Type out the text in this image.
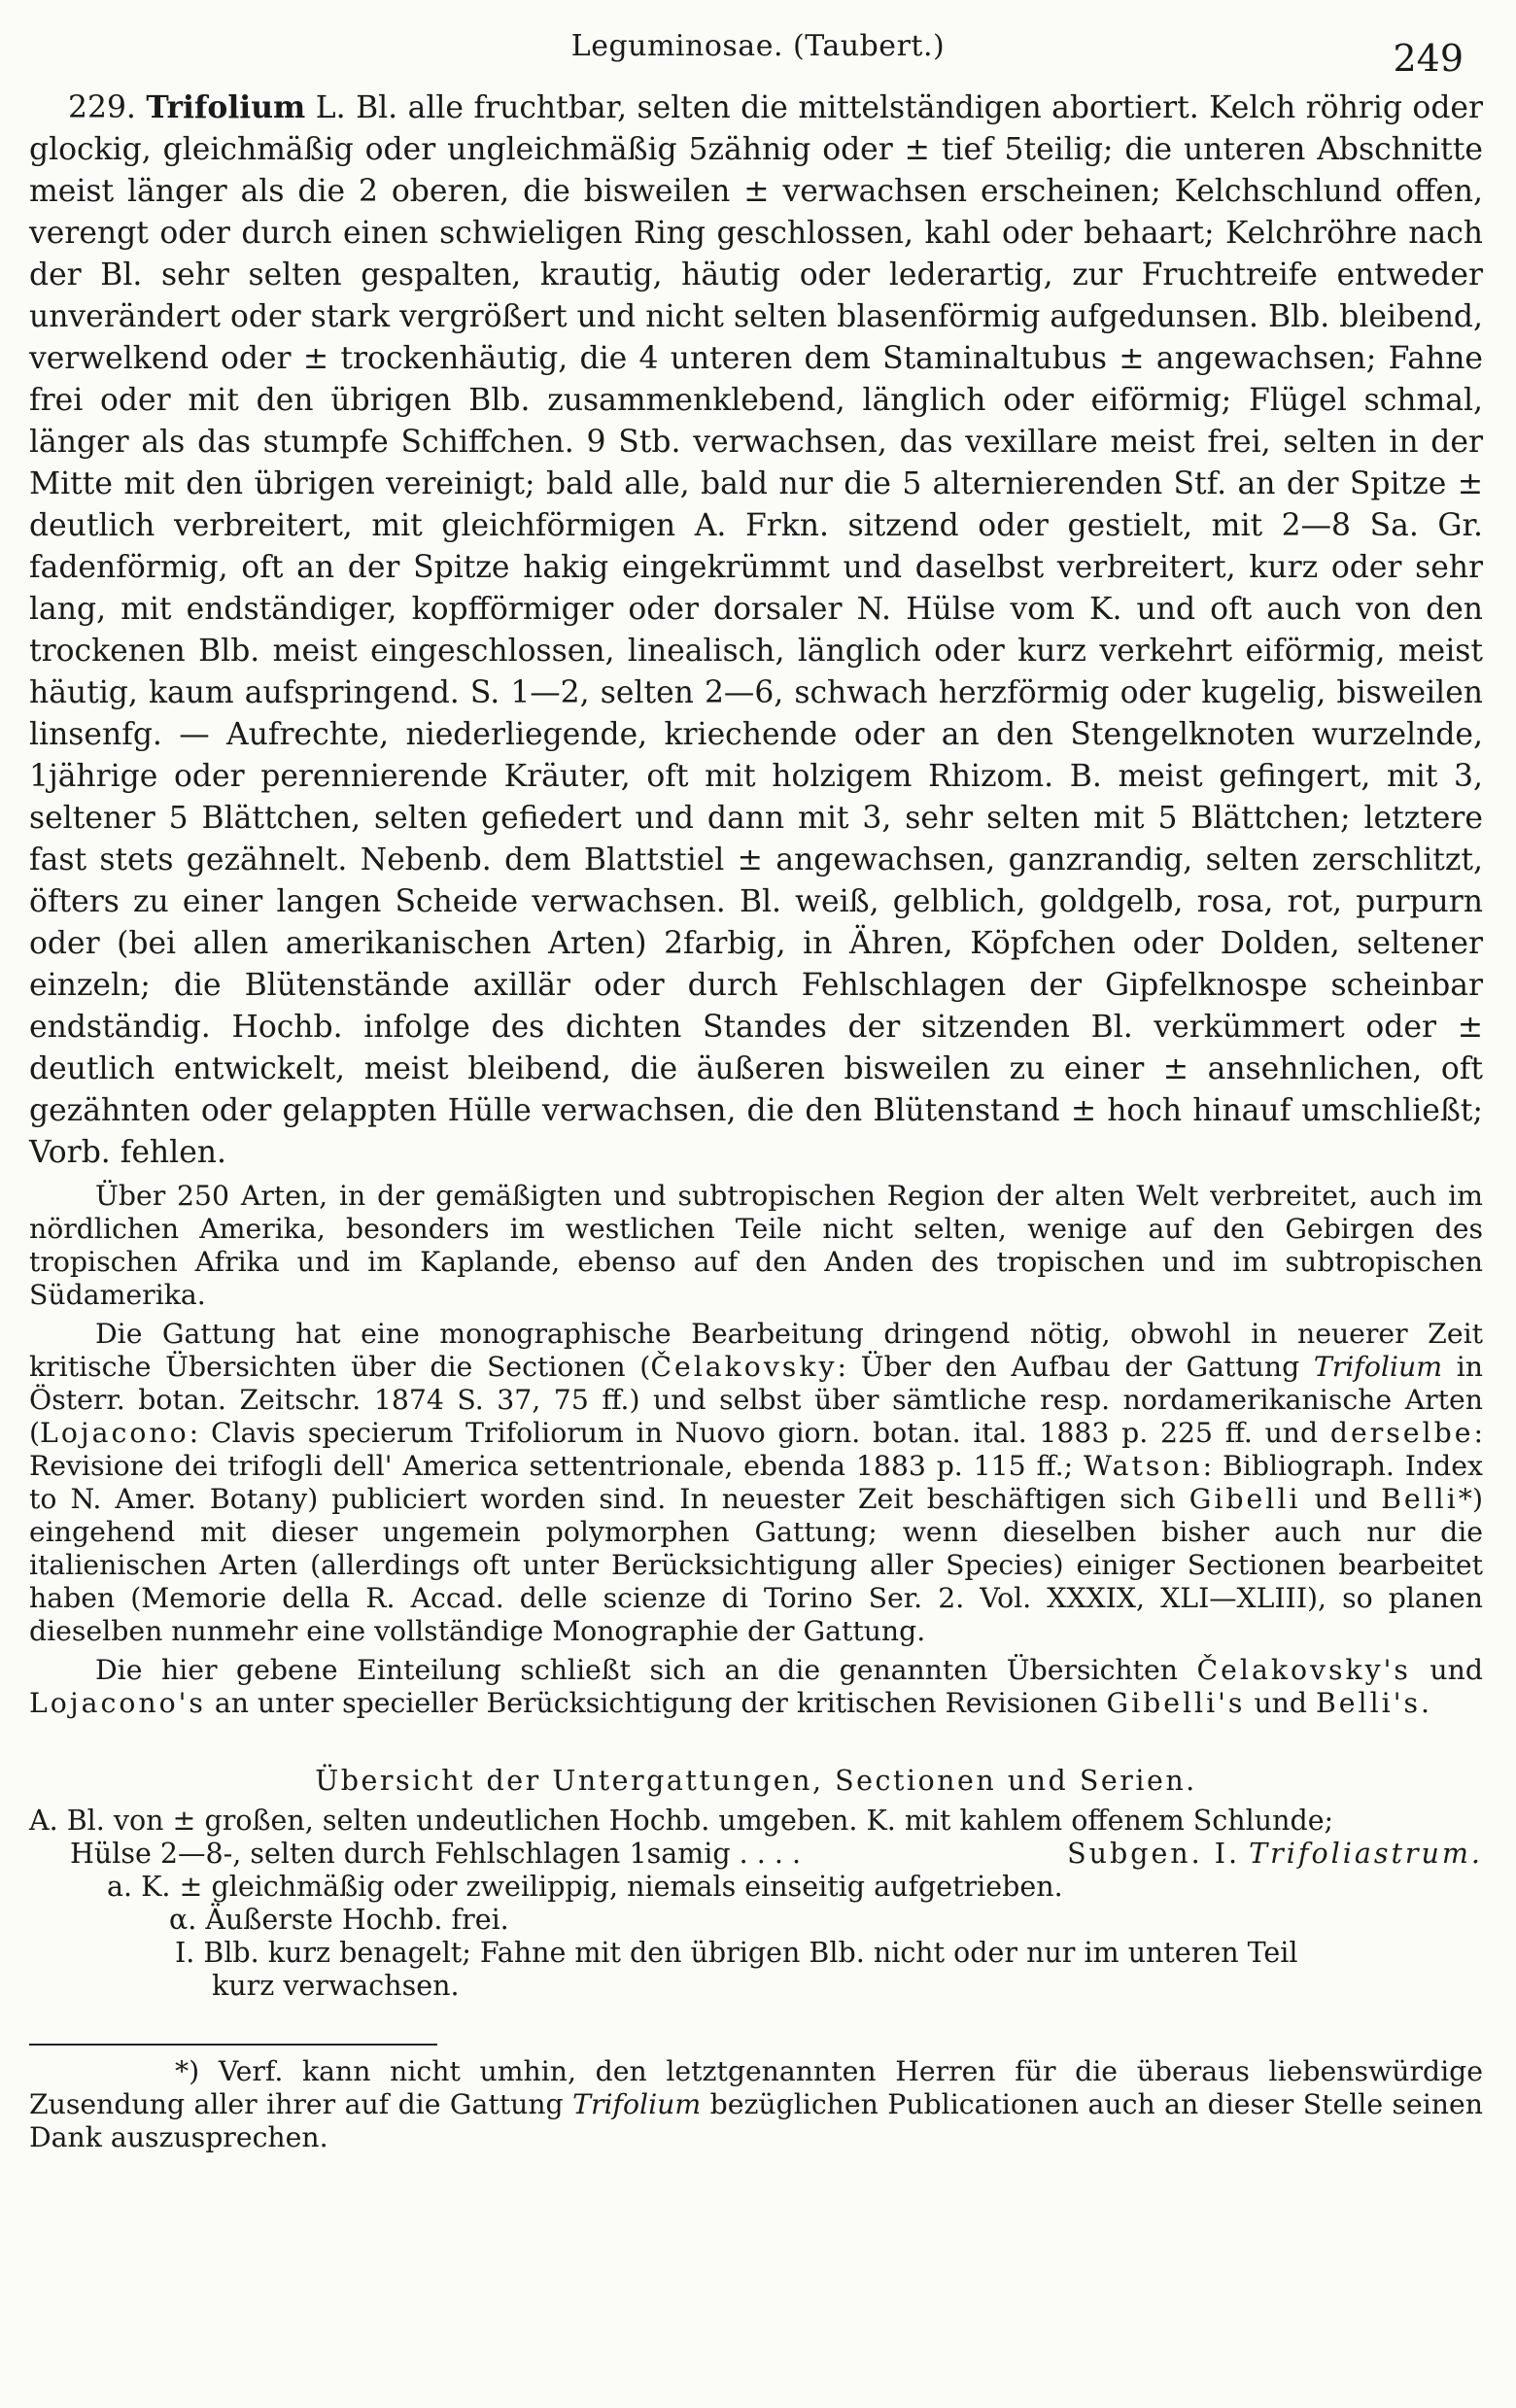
Leguminosae. (Taubert.)	249

229. Trifolium L. Bl. alle fruchtbar, selten die mittelständigen abortiert. Kelch röhrig oder glockig, gleichmäßig oder ungleichmäßig 5zähnig oder ± tief 5teilig; die unteren Abschnitte meist länger als die 2 oberen, die bisweilen ± verwachsen erscheinen; Kelchschlund offen, verengt oder durch einen schwieligen Ring geschlossen, kahl oder behaart; Kelchröhre nach der Bl. sehr selten gespalten, krautig, häutig oder lederartig, zur Fruchtreife entweder unverändert oder stark vergrößert und nicht selten blasenförmig aufgedunsen. Blb. bleibend, verwelkend oder ± trockenhäutig, die 4 unteren dem Staminaltubus ± angewachsen; Fahne frei oder mit den übrigen Blb. zusammenklebend, länglich oder eiförmig; Flügel schmal, länger als das stumpfe Schiffchen. 9 Stb. verwachsen, das vexillare meist frei, selten in der Mitte mit den übrigen vereinigt; bald alle, bald nur die 5 alternierenden Stf. an der Spitze ± deutlich verbreitert, mit gleichförmigen A. Frkn. sitzend oder gestielt, mit 2—8 Sa. Gr. fadenförmig, oft an der Spitze hakig eingekrümmt und daselbst verbreitert, kurz oder sehr lang, mit endständiger, kopfförmiger oder dorsaler N. Hülse vom K. und oft auch von den trockenen Blb. meist eingeschlossen, linealisch, länglich oder kurz verkehrt eiförmig, meist häutig, kaum aufspringend. S. 1—2, selten 2—6, schwach herzförmig oder kugelig, bisweilen linsenfg. — Aufrechte, niederliegende, kriechende oder an den Stengelknoten wurzelnde, 1jährige oder perennierende Kräuter, oft mit holzigem Rhizom. B. meist gefingert, mit 3, seltener 5 Blättchen, selten gefiedert und dann mit 3, sehr selten mit 5 Blättchen; letztere fast stets gezähnelt. Nebenb. dem Blattstiel ± angewachsen, ganzrandig, selten zerschlitzt, öfters zu einer langen Scheide verwachsen. Bl. weiß, gelblich, goldgelb, rosa, rot, purpurn oder (bei allen amerikanischen Arten) 2farbig, in Ähren, Köpfchen oder Dolden, seltener einzeln; die Blütenstände axillär oder durch Fehlschlagen der Gipfelknospe scheinbar endständig. Hochb. infolge des dichten Standes der sitzenden Bl. verkümmert oder ± deutlich entwickelt, meist bleibend, die äußeren bisweilen zu einer ± ansehnlichen, oft gezähnten oder gelappten Hülle verwachsen, die den Blütenstand ± hoch hinauf umschließt; Vorb. fehlen.

Über 250 Arten, in der gemäßigten und subtropischen Region der alten Welt verbreitet, auch im nördlichen Amerika, besonders im westlichen Teile nicht selten, wenige auf den Gebirgen des tropischen Afrika und im Kaplande, ebenso auf den Anden des tropischen und im subtropischen Südamerika.

Die Gattung hat eine monographische Bearbeitung dringend nötig, obwohl in neuerer Zeit kritische Übersichten über die Sectionen (Čelakovsky: Über den Aufbau der Gattung Trifolium in Österr. botan. Zeitschr. 1874 S. 37, 75 ff.) und selbst über sämtliche resp. nordamerikanische Arten (Lojacono: Clavis specierum Trifoliorum in Nuovo giorn. botan. ital. 1883 p. 225 ff. und derselbe: Revisione dei trifogli dell' America settentrionale, ebenda 1883 p. 115 ff.; Watson: Bibliograph. Index to N. Amer. Botany) publiciert worden sind. In neuester Zeit beschäftigen sich Gibelli und Belli*) eingehend mit dieser ungemein polymorphen Gattung; wenn dieselben bisher auch nur die italienischen Arten (allerdings oft unter Berücksichtigung aller Species) einiger Sectionen bearbeitet haben (Memorie della R. Accad. delle scienze di Torino Ser. 2. Vol. XXXIX, XLI—XLIII), so planen dieselben nunmehr eine vollständige Monographie der Gattung.

Die hier gebene Einteilung schließt sich an die genannten Übersichten Čelakovsky's und Lojacono's an unter specieller Berücksichtigung der kritischen Revisionen Gibelli's und Belli's.

Übersicht der Untergattungen, Sectionen und Serien.
A. Bl. von ± großen, selten undeutlichen Hochb. umgeben. K. mit kahlem offenem Schlunde;
Hülse 2—8-, selten durch Fehlschlagen 1samig . . . .	Subgen. I. Trifoliastrum.
a. K. ± gleichmäßig oder zweilippig, niemals einseitig aufgetrieben.
α. Äußerste Hochb. frei.
I. Blb. kurz benagelt; Fahne mit den übrigen Blb. nicht oder nur im unteren Teil
kurz verwachsen.

*) Verf. kann nicht umhin, den letztgenannten Herren für die überaus liebenswürdige Zusendung aller ihrer auf die Gattung Trifolium bezüglichen Publicationen auch an dieser Stelle seinen Dank auszusprechen.
